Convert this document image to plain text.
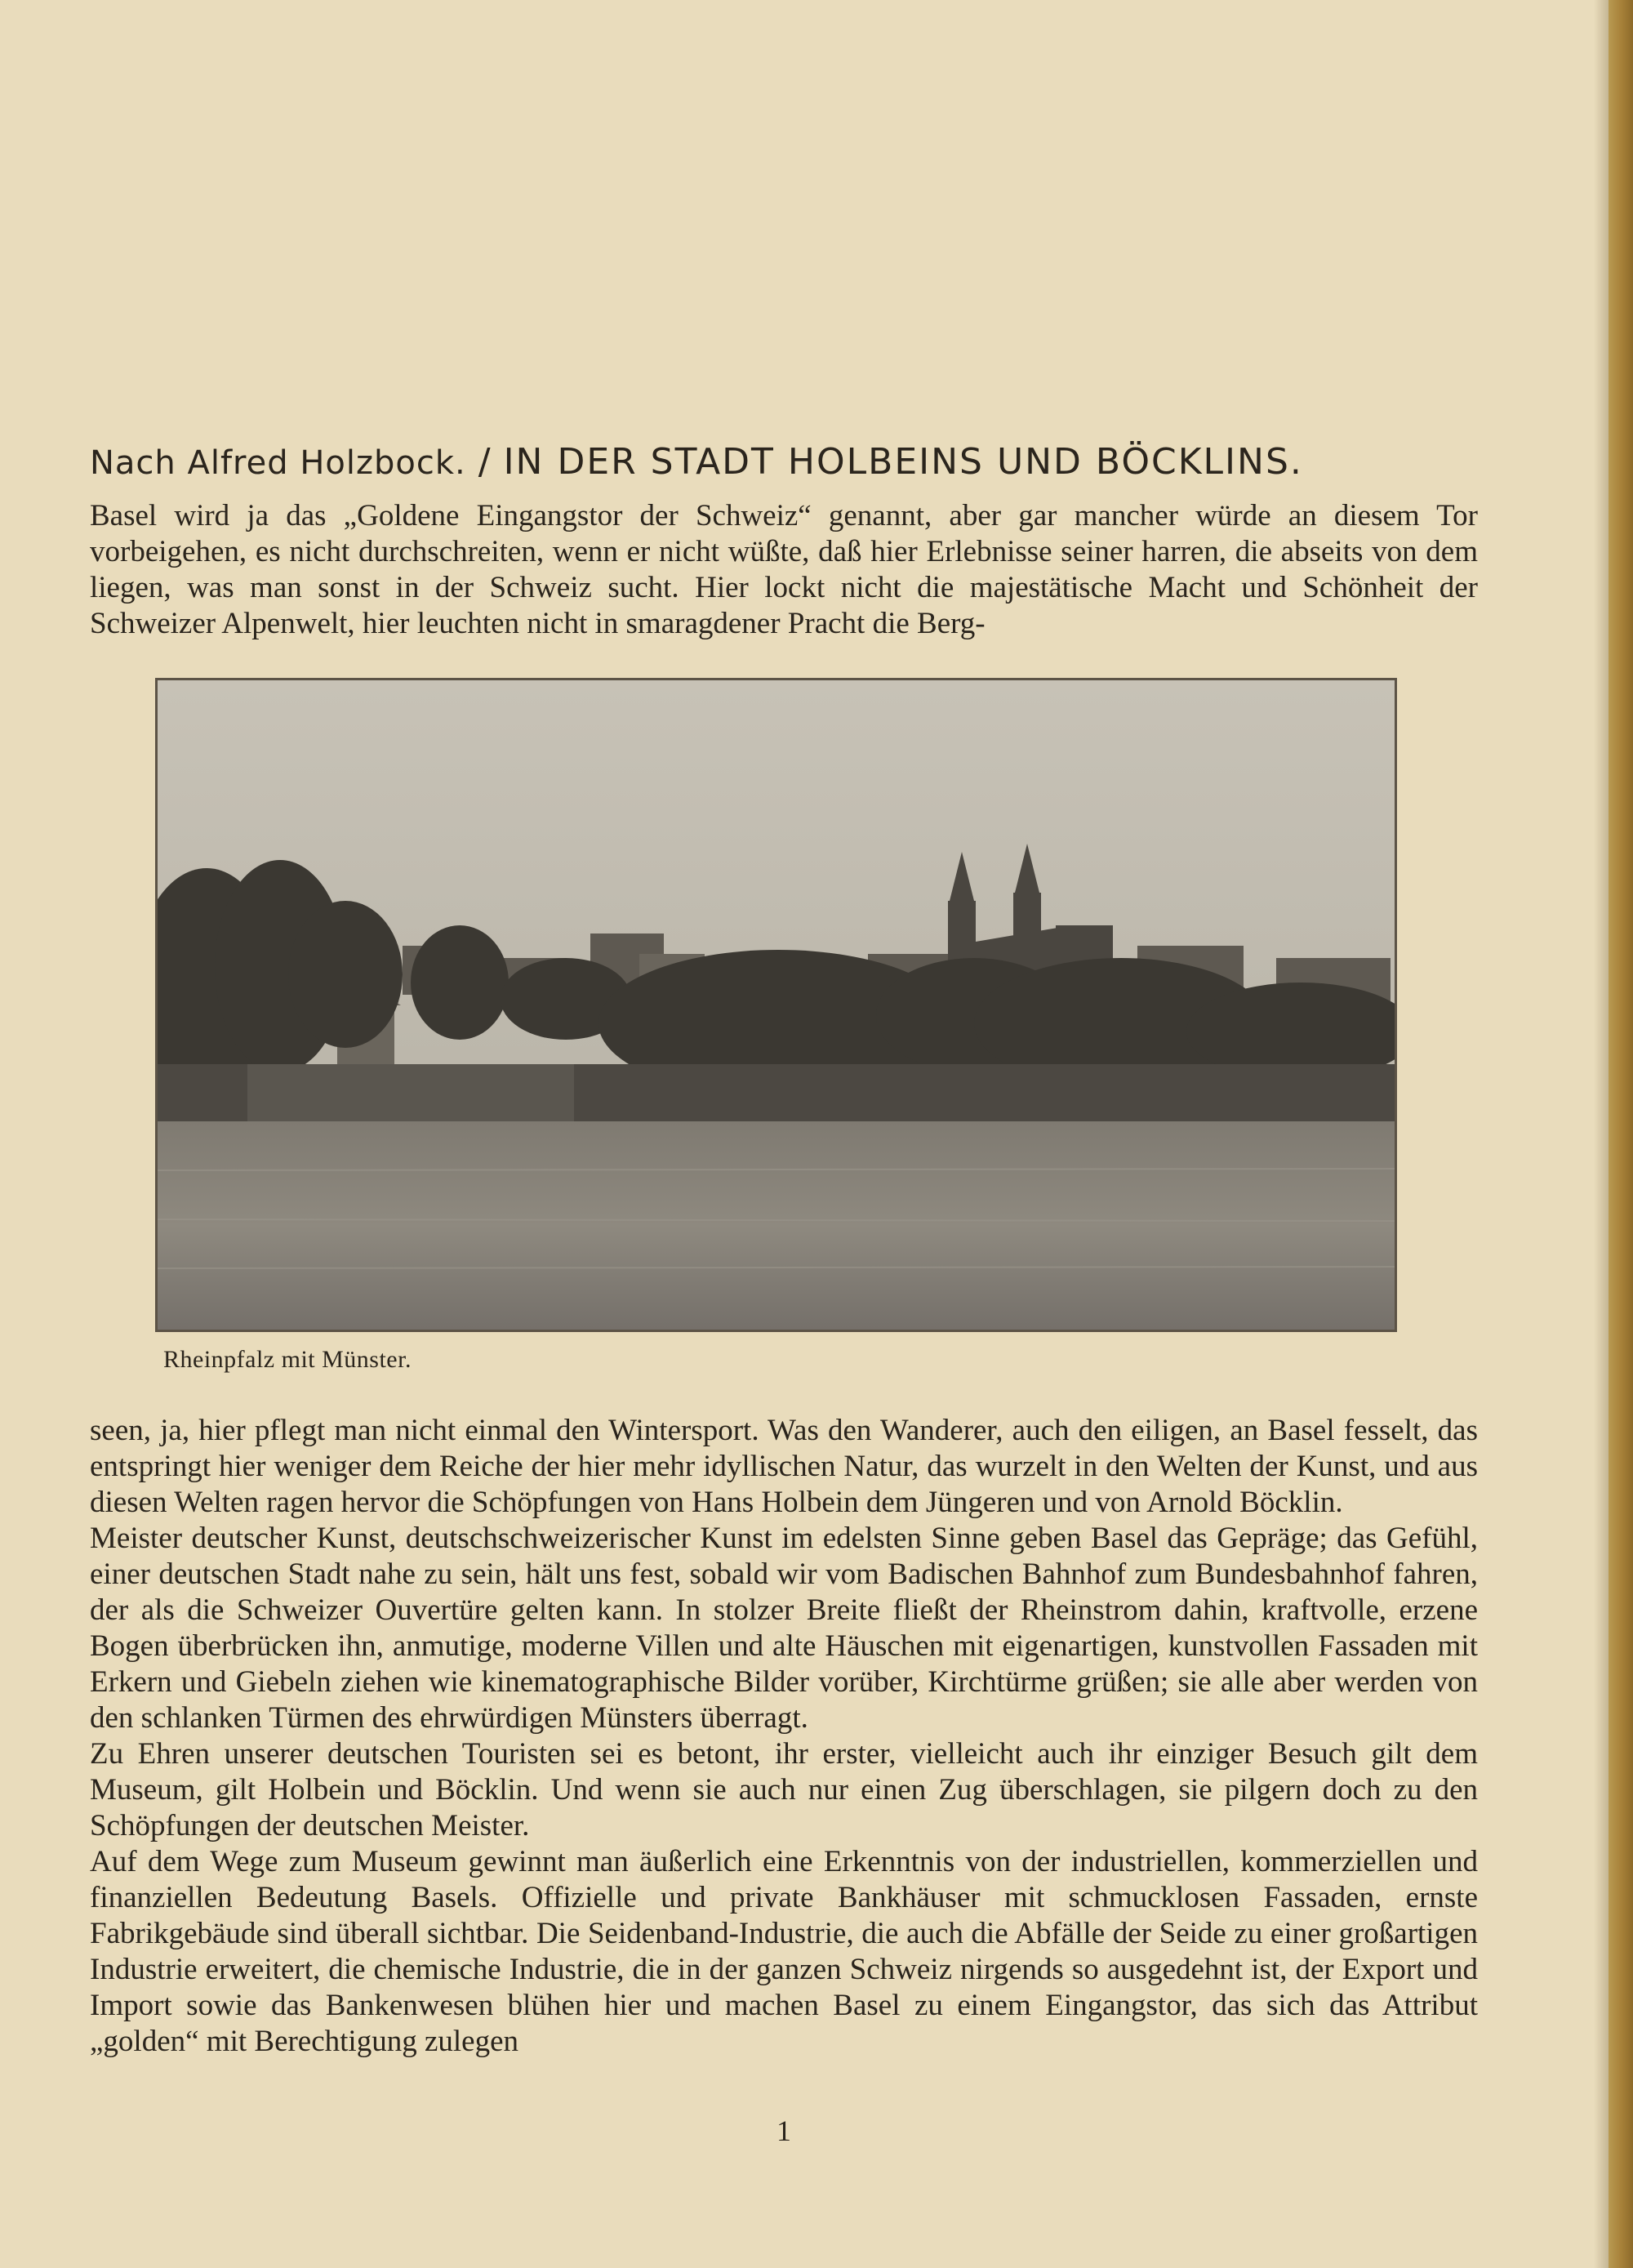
Nach Alfred Holzbock. / IN DER STADT HOLBEINS UND BÖCKLINS.

Basel wird ja das „Goldene Eingangstor der Schweiz“ genannt, aber gar mancher würde an diesem Tor vorbeigehen, es nicht durchschreiten, wenn er nicht wüßte, daß hier Erlebnisse seiner harren, die abseits von dem liegen, was man sonst in der Schweiz sucht. Hier lockt nicht die majestätische Macht und Schönheit der Schweizer Alpenwelt, hier leuchten nicht in smaragdener Pracht die Berg-

Rheinpfalz mit Münster.

seen, ja, hier pflegt man nicht einmal den Wintersport. Was den Wanderer, auch den eiligen, an Basel fesselt, das entspringt hier weniger dem Reiche der hier mehr idyllischen Natur, das wurzelt in den Welten der Kunst, und aus diesen Welten ragen hervor die Schöpfungen von Hans Holbein dem Jüngeren und von Arnold Böcklin.

Meister deutscher Kunst, deutschschweizerischer Kunst im edelsten Sinne geben Basel das Gepräge; das Gefühl, einer deutschen Stadt nahe zu sein, hält uns fest, sobald wir vom Badischen Bahnhof zum Bundesbahnhof fahren, der als die Schweizer Ouvertüre gelten kann. In stolzer Breite fließt der Rheinstrom dahin, kraftvolle, erzene Bogen überbrücken ihn, anmutige, moderne Villen und alte Häuschen mit eigenartigen, kunstvollen Fassaden mit Erkern und Giebeln ziehen wie kinematographische Bilder vorüber, Kirchtürme grüßen; sie alle aber werden von den schlanken Türmen des ehrwürdigen Münsters überragt.

Zu Ehren unserer deutschen Touristen sei es betont, ihr erster, vielleicht auch ihr einziger Besuch gilt dem Museum, gilt Holbein und Böcklin. Und wenn sie auch nur einen Zug überschlagen, sie pilgern doch zu den Schöpfungen der deutschen Meister.

Auf dem Wege zum Museum gewinnt man äußerlich eine Erkenntnis von der industriellen, kommerziellen und finanziellen Bedeutung Basels. Offizielle und private Bankhäuser mit schmucklosen Fassaden, ernste Fabrikgebäude sind überall sichtbar. Die Seidenband-Industrie, die auch die Abfälle der Seide zu einer großartigen Industrie erweitert, die chemische Industrie, die in der ganzen Schweiz nirgends so ausgedehnt ist, der Export und Import sowie das Bankenwesen blühen hier und machen Basel zu einem Eingangstor, das sich das Attribut „golden“ mit Berechtigung zulegen

1
